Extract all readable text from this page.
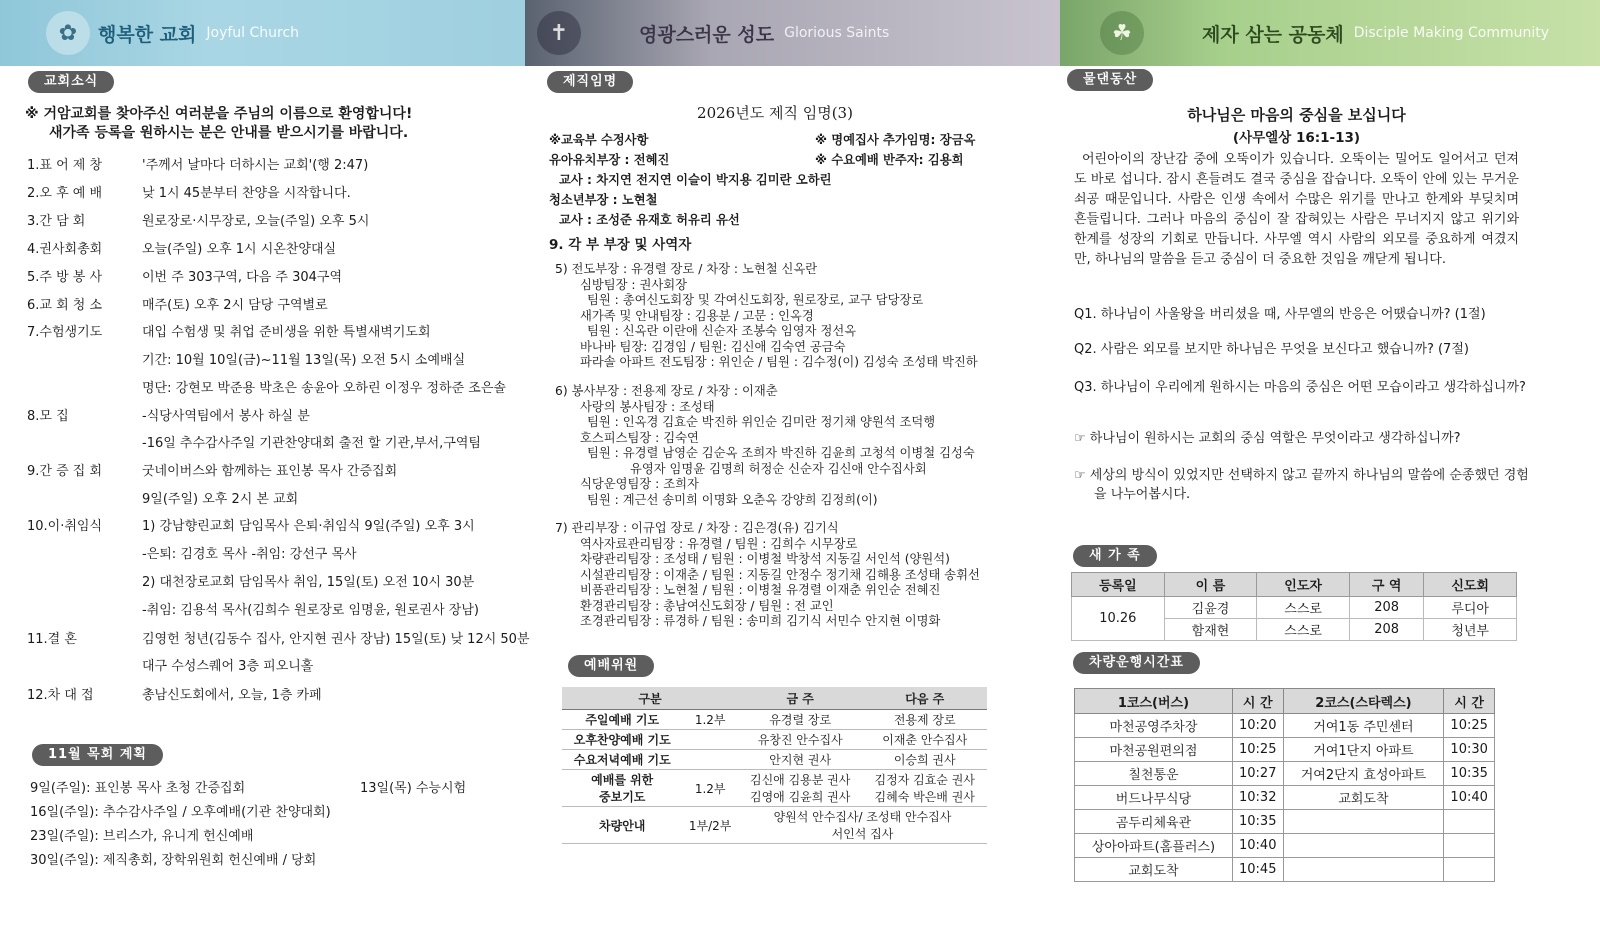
✿	행복한 교회 Joyful Church
교회소식
※ 거암교회를 찾아주신 여러분을 주님의 이름으로 환영합니다!
새가족 등록을 원하시는 분은 안내를 받으시기를 바랍니다.
1.표 어 제 창	'주께서 날마다 더하시는 교회'(행 2:47)
2.오 후 예 배	낮 1시 45분부터 찬양을 시작합니다.
3.간 담 회	원로장로·시무장로, 오늘(주일) 오후 5시
4.권사회총회	오늘(주일) 오후 1시 시온찬양대실
5.주 방 봉 사	이번 주 303구역, 다음 주 304구역
6.교 회 청 소	매주(토) 오후 2시 담당 구역별로
7.수험생기도	대입 수험생 및 취업 준비생을 위한 특별새벽기도회
기간: 10월 10일(금)~11월 13일(목) 오전 5시 소예배실
명단: 강현모 박준용 박초은 송윤아 오하린 이정우 정하준 조은솔
8.모 집	-식당사역팀에서 봉사 하실 분
-16일 추수감사주일 기관찬양대회 출전 할 기관,부서,구역팀
9.간 증 집 회	굿네이버스와 함께하는 표인봉 목사 간증집회
9일(주일) 오후 2시 본 교회
10.이·취임식	1) 강남향린교회 담임목사 은퇴·취임식 9일(주일) 오후 3시
-은퇴: 김경호 목사 -취임: 강선구 목사
2) 대천장로교회 담임목사 취임, 15일(토) 오전 10시 30분
-취임: 김용석 목사(김희수 원로장로 임명윤, 원로권사 장남)
11.결 혼	김영헌 청년(김동수 집사, 안지현 권사 장남) 15일(토) 낮 12시 50분
대구 수성스퀘어 3층 피오니홀
12.차 대 접	총남신도회에서, 오늘, 1층 카페
11월 목회 계획
9일(주일): 표인봉 목사 초청 간증집회	13일(목) 수능시험
16일(주일): 추수감사주일 / 오후예배(기관 찬양대회)
23일(주일): 브리스가, 유니게 헌신예배
30일(주일): 제직총회, 장학위원회 헌신예배 / 당회
✝	영광스러운 성도 Glorious Saints
제직임명
2026년도 제직 임명(3)
※교육부 수정사항
유아유치부장 : 전혜진
교사 : 차지연 전지연 이슬이 박지용 김미란 오하린
청소년부장 : 노현철
교사 : 조성준 유재호 허유리 유선
※ 명예집사 추가임명: 장금옥
※ 수요예배 반주자: 김용희
9. 각 부 부장 및 사역자
5) 전도부장 : 유경렬 장로 / 차장 : 노현철 신옥란
심방팀장 : 권사회장
팀원 : 총여신도회장 및 각여신도회장, 원로장로, 교구 담당장로
새가족 및 안내팀장 : 김용분 / 고문 : 인옥경
팀원 : 신옥란 이란애 신순자 조봉숙 임영자 정선옥
바나바 팀장: 김경임 / 팀원: 김신애 김숙연 공금숙
파라솔 아파트 전도팀장 : 위인순 / 팀원 : 김수정(이) 김성숙 조성태 박진하
6) 봉사부장 : 전용제 장로 / 차장 : 이재춘
사랑의 봉사팀장 : 조성태
팀원 : 인옥경 김효순 박진하 위인순 김미란 정기채 양원석 조덕행
호스피스팀장 : 김숙연
팀원 : 유경렬 남영순 김순옥 조희자 박진하 김윤희 고청석 이병철 김성숙
유영자 임명윤 김명희 허정순 신순자 김신애 안수집사회
식당운영팀장 : 조희자
팀원 : 계근선 송미희 이명화 오춘옥 강양희 김정희(이)
7) 관리부장 : 이규업 장로 / 차장 : 김은경(유) 김기식
역사자료관리팀장 : 유경렬 / 팀원 : 김희수 시무장로
차량관리팀장 : 조성태 / 팀원 : 이병철 박창석 지동길 서인석 (양원석)
시설관리팀장 : 이재춘 / 팀원 : 지동길 안정수 정기채 김해용 조성태 송휘선
비품관리팀장 : 노현철 / 팀원 : 이병철 유경렬 이재춘 위인순 전혜진
환경관리팀장 : 총남여신도회장 / 팀원 : 전 교인
조경관리팀장 : 류경하 / 팀원 : 송미희 김기식 서민수 안지현 이명화
예배위원
구분		금 주	다음 주
주일예배 기도	1.2부	유경렬 장로	전용제 장로
오후찬양예배 기도		유창진 안수집사	이재춘 안수집사
수요저녁예배 기도		안지현 권사	이승희 권사
예배를 위한
중보기도	1.2부	김신애 김용분 권사
김영애 김윤희 권사	김정자 김효순 권사
김혜숙 박은배 권사
차량안내	1부/2부	양원석 안수집사/ 조성태 안수집사
서인석 집사	
☘	제자 삼는 공동체 Disciple Making Community
물댄동산
하나님은 마음의 중심을 보십니다
(사무엘상 16:1-13)
어린아이의 장난감 중에 오뚝이가 있습니다. 오뚝이는 밀어도 일어서고 던져도 바로 섭니다. 잠시 흔들려도 결국 중심을 잡습니다. 오뚝이 안에 있는 무거운 쇠공 때문입니다. 사람은 인생 속에서 수많은 위기를 만나고 한계와 부딪치며 흔들립니다. 그러나 마음의 중심이 잘 잡혀있는 사람은 무너지지 않고 위기와 한계를 성장의 기회로 만듭니다. 사무엘 역시 사람의 외모를 중요하게 여겼지만, 하나님의 말씀을 듣고 중심이 더 중요한 것임을 깨닫게 됩니다.
Q1. 하나님이 사울왕을 버리셨을 때, 사무엘의 반응은 어땠습니까? (1절)
Q2. 사람은 외모를 보지만 하나님은 무엇을 보신다고 했습니까? (7절)
Q3. 하나님이 우리에게 원하시는 마음의 중심은 어떤 모습이라고 생각하십니까?
☞ 하나님이 원하시는 교회의 중심 역할은 무엇이라고 생각하십니까?
☞ 세상의 방식이 있었지만 선택하지 않고 끝까지 하나님의 말씀에 순종했던 경험을 나누어봅시다.
새 가 족
등록일	이 름	인도자	구 역	신도회
10.26	김윤경	스스로	208	루디아
	함재현	스스로	208	청년부
차량운행시간표
1코스(버스)	시 간	2코스(스타렉스)	시 간
마천공영주차장	10:20	거여1동 주민센터	10:25
마천공원편의점	10:25	거여1단지 아파트	10:30
칠천통운	10:27	거여2단지 효성아파트	10:35
버드나무식당	10:32	교회도착	10:40
곰두리체육관	10:35		
상아아파트(홈플러스)	10:40		
교회도착	10:45		
